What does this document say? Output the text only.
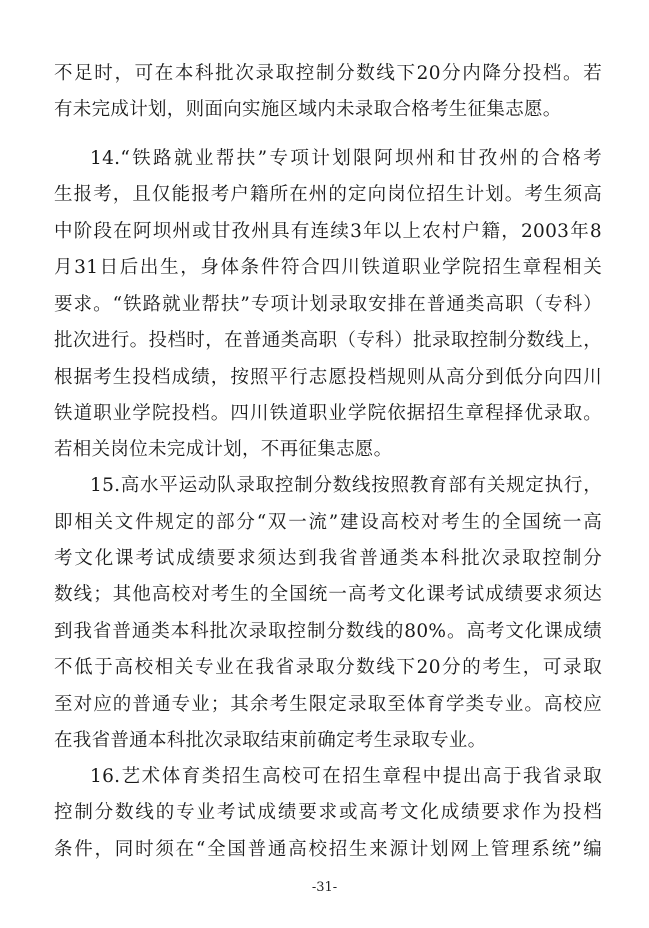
不足时，可在本科批次录取控制分数线下20分内降分投档。若
有未完成计划，则面向实施区域内未录取合格考生征集志愿。
14.“铁路就业帮扶”专项计划限阿坝州和甘孜州的合格考
生报考，且仅能报考户籍所在州的定向岗位招生计划。考生须高
中阶段在阿坝州或甘孜州具有连续3年以上农村户籍，2003年8
月31日后出生，身体条件符合四川铁道职业学院招生章程相关
要求。“铁路就业帮扶”专项计划录取安排在普通类高职（专科）
批次进行。投档时，在普通类高职（专科）批录取控制分数线上，
根据考生投档成绩，按照平行志愿投档规则从高分到低分向四川
铁道职业学院投档。四川铁道职业学院依据招生章程择优录取。
若相关岗位未完成计划，不再征集志愿。
15.高水平运动队录取控制分数线按照教育部有关规定执行，
即相关文件规定的部分“双一流”建设高校对考生的全国统一高
考文化课考试成绩要求须达到我省普通类本科批次录取控制分
数线；其他高校对考生的全国统一高考文化课考试成绩要求须达
到我省普通类本科批次录取控制分数线的80%。高考文化课成绩
不低于高校相关专业在我省录取分数线下20分的考生，可录取
至对应的普通专业；其余考生限定录取至体育学类专业。高校应
在我省普通本科批次录取结束前确定考生录取专业。
16.艺术体育类招生高校可在招生章程中提出高于我省录取
控制分数线的专业考试成绩要求或高考文化成绩要求作为投档
条件，同时须在“全国普通高校招生来源计划网上管理系统”编
-31-
